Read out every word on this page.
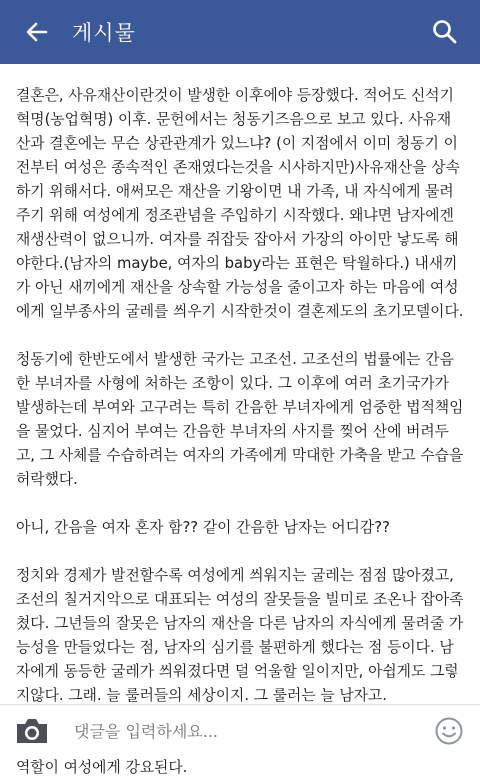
게시물

결혼은, 사유재산이란것이 발생한 이후에야 등장했다. 적어도 신석기혁명(농업혁명) 이후. 문헌에서는 청동기즈음으로 보고 있다. 사유재산과 결혼에는 무슨 상관관계가 있느냐? (이 지점에서 이미 청동기 이전부터 여성은 종속적인 존재였다는것을 시사하지만)사유재산을 상속하기 위해서다. 애써모은 재산을 기왕이면 내 가족, 내 자식에게 물려주기 위해 여성에게 정조관념을 주입하기 시작했다. 왜냐면 남자에겐 재생산력이 없으니까. 여자를 쥐잡듯 잡아서 가장의 아이만 낳도록 해야한다.(남자의 maybe, 여자의 baby라는 표현은 탁월하다.) 내새끼가 아닌 새끼에게 재산을 상속할 가능성을 줄이고자 하는 마음에 여성에게 일부종사의 굴레를 씌우기 시작한것이 결혼제도의 초기모델이다.

청동기에 한반도에서 발생한 국가는 고조선. 고조선의 법률에는 간음한 부녀자를 사형에 처하는 조항이 있다. 그 이후에 여러 초기국가가 발생하는데 부여와 고구려는 특히 간음한 부녀자에게 엄중한 법적책임을 물었다. 심지어 부여는 간음한 부녀자의 사지를 찢어 산에 버려두고, 그 사체를 수습하려는 여자의 가족에게 막대한 가축을 받고 수습을 허락했다.

아니, 간음을 여자 혼자 함?? 같이 간음한 남자는 어디감??

정치와 경제가 발전할수록 여성에게 씌워지는 굴레는 점점 많아졌고, 조선의 칠거지악으로 대표되는 여성의 잘못들을 빌미로 조온나 잡아족쳤다. 그년들의 잘못은 남자의 재산을 다른 남자의 자식에게 물려줄 가능성을 만들었다는 점, 남자의 심기를 불편하게 했다는 점 등이다. 남자에게 동등한 굴레가 씌워졌다면 덜 억울할 일이지만, 아쉽게도 그렇지않다. 그래. 늘 룰러들의 세상이지. 그 룰러는 늘 남자고.

역할이 여성에게 강요된다.

댓글을 입력하세요...
